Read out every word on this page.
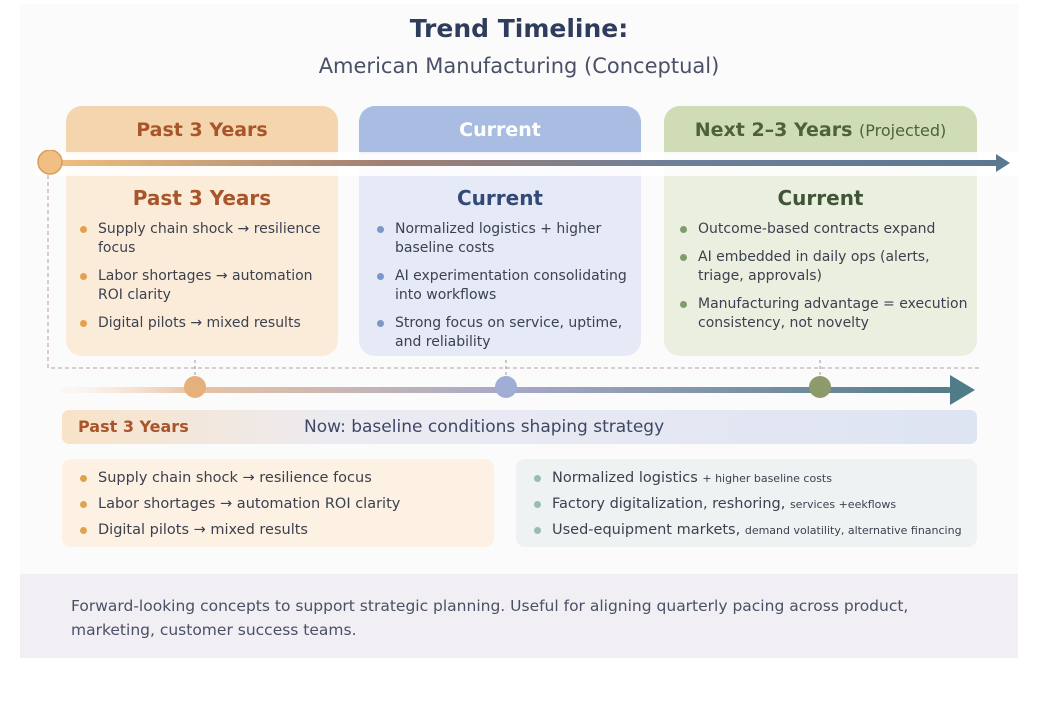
Trend Timeline:
American Manufacturing (Conceptual)
Past 3 Years
Past 3 Years
Supply chain shock → resilience focus
Labor shortages → automation ROI clarity
Digital pilots → mixed results
Current
Current
Normalized logistics + higher baseline costs
AI experimentation consolidating into workflows
Strong focus on service, uptime, and reliability
Next 2–3 Years (Projected)
Current
Outcome-based contracts expand
AI embedded in daily ops (alerts, triage, approvals)
Manufacturing advantage = execution consistency, not novelty
Past 3 Years	Now: baseline conditions shaping strategy
Supply chain shock → resilience focus
Labor shortages → automation ROI clarity
Digital pilots → mixed results
Normalized logistics + higher baseline costs
Factory digitalization, reshoring, services +eekflows
Used-equipment markets, demand volatility, alternative financing

Forward-looking concepts to support strategic planning. Useful for aligning quarterly pacing across product, marketing, customer success teams.
